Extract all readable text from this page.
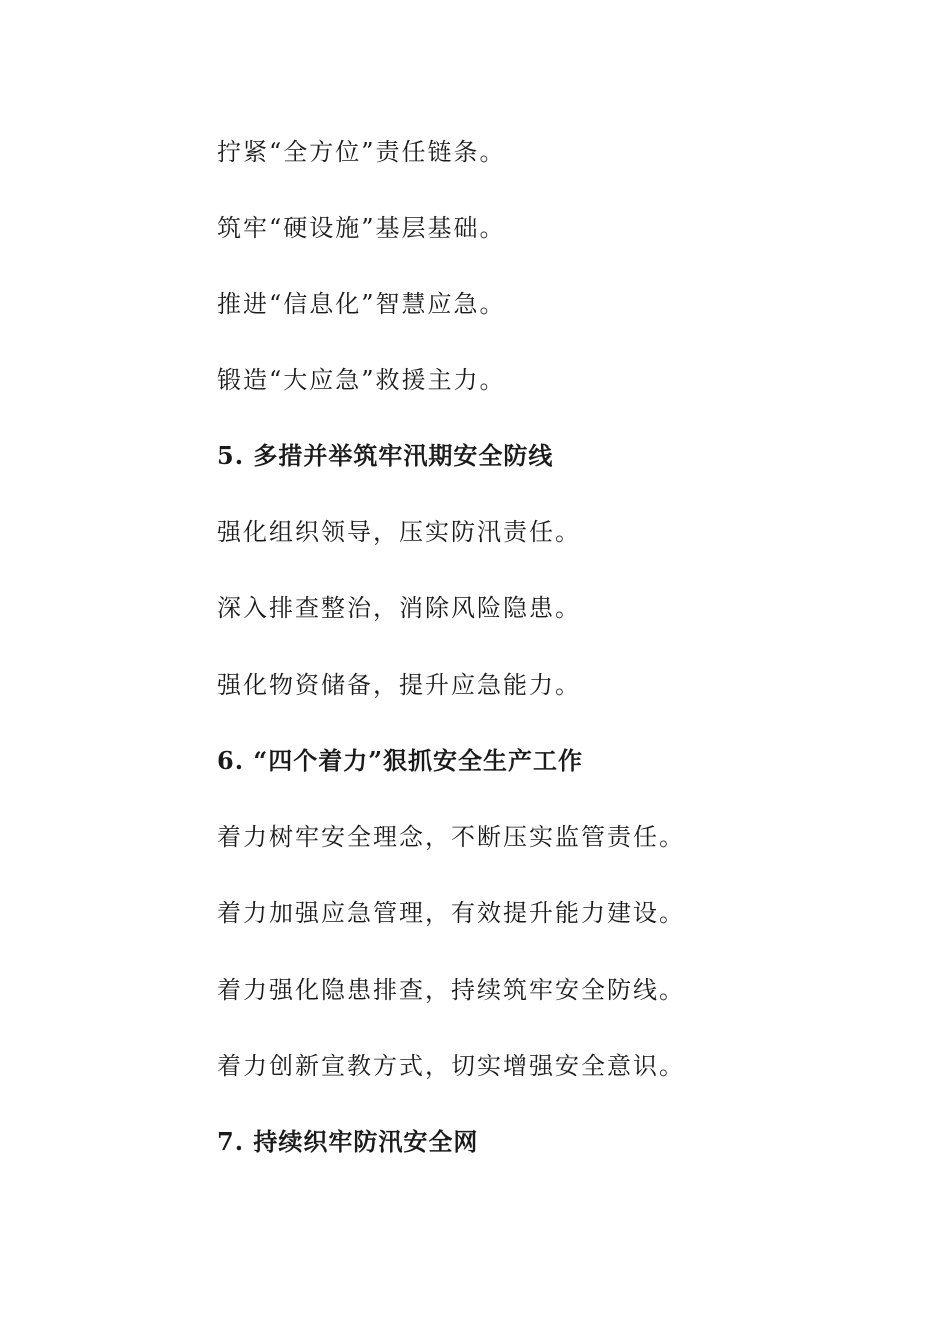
拧紧“全方位”责任链条。
筑牢“硬设施”基层基础。
推进“信息化”智慧应急。
锻造“大应急”救援主力。
5. 多措并举筑牢汛期安全防线
强化组织领导，压实防汛责任。
深入排查整治，消除风险隐患。
强化物资储备，提升应急能力。
6. “四个着力”狠抓安全生产工作
着力树牢安全理念，不断压实监管责任。
着力加强应急管理，有效提升能力建设。
着力强化隐患排查，持续筑牢安全防线。
着力创新宣教方式，切实增强安全意识。
7. 持续织牢防汛安全网
